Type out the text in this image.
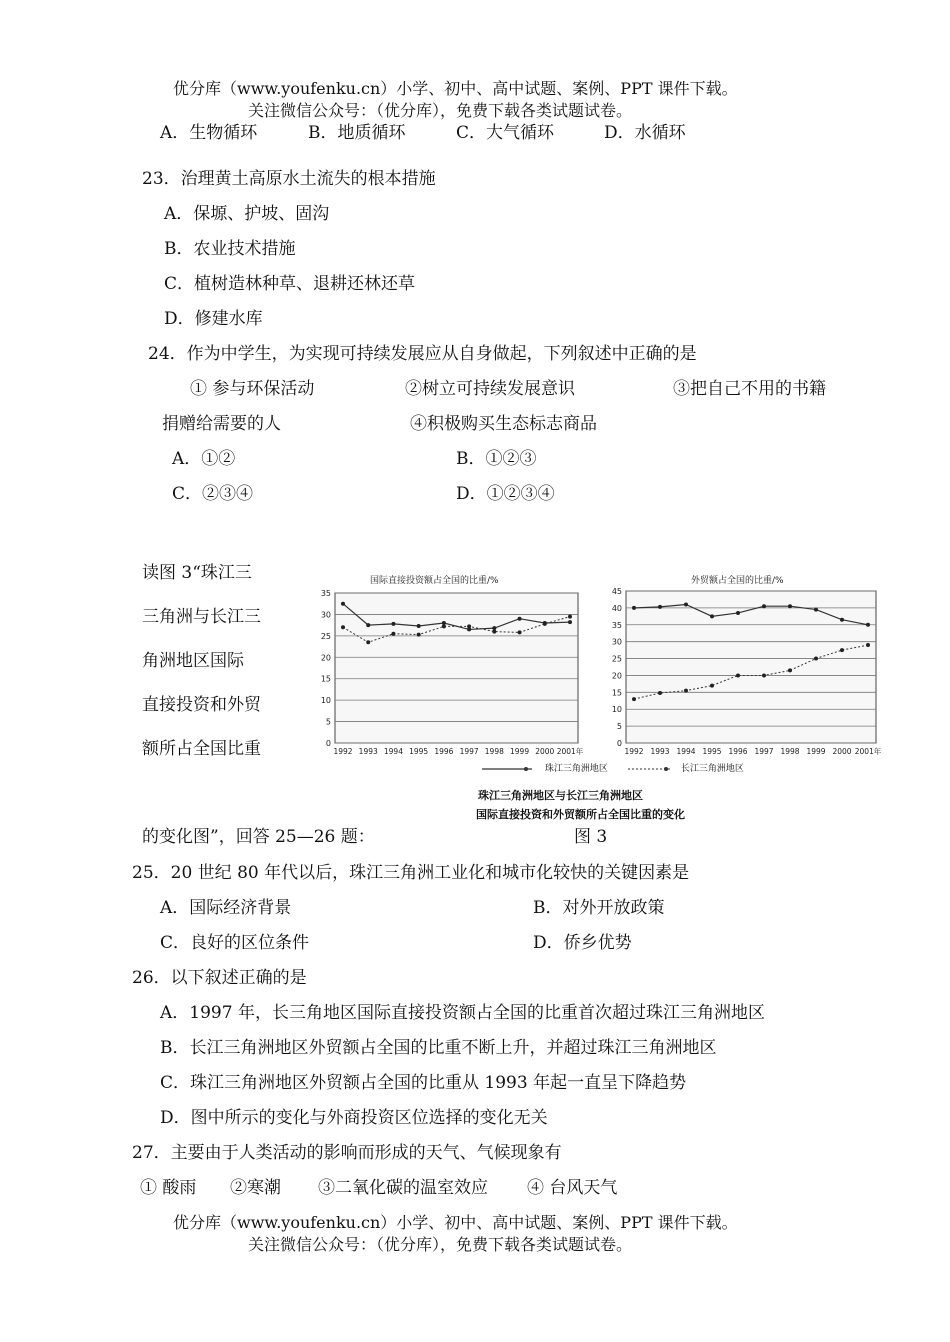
优分库（www.youfenku.cn）小学、初中、高中试题、案例、PPT 课件下载。
关注微信公众号：（优分库），免费下载各类试题试卷。
A．生物循环	B．地质循环	C．大气循环	D．水循环
23．治理黄土高原水土流失的根本措施
A．保塬、护坡、固沟
B．农业技术措施
C．植树造林种草、退耕还林还草
D．修建水库
24．作为中学生，为实现可持续发展应从自身做起，下列叙述中正确的是
① 参与环保活动	②树立可持续发展意识	③把自己不用的书籍
捐赠给需要的人	④积极购买生态标志商品
A．①②	B．①②③
C．②③④	D．①②③④
读图 3“珠江三
三角洲与长江三
角洲地区国际
直接投资和外贸
额所占全国比重
的变化图”，回答 25—26 题：	图 3
国际直接投资额占全国的比重/%
0
5
10
15
20
25
30
35
1992 1993 1994 1995 1996 1997 1998 1999 2000 2001年
外贸额占全国的比重/%
0
5
10
15
20
25
30
35
40
45
1992 1993 1994 1995 1996 1997 1998 1999 2000 2001年
珠江三角洲地区	长江三角洲地区
珠江三角洲地区与长江三角洲地区
国际直接投资和外贸额所占全国比重的变化
25．20 世纪 80 年代以后，珠江三角洲工业化和城市化较快的关键因素是
A．国际经济背景	B．对外开放政策
C．良好的区位条件	D．侨乡优势
26．以下叙述正确的是
A．1997 年，长三角地区国际直接投资额占全国的比重首次超过珠江三角洲地区
B．长江三角洲地区外贸额占全国的比重不断上升，并超过珠江三角洲地区
C．珠江三角洲地区外贸额占全国的比重从 1993 年起一直呈下降趋势
D．图中所示的变化与外商投资区位选择的变化无关
27．主要由于人类活动的影响而形成的天气、气候现象有
① 酸雨 ②寒潮 ③二氧化碳的温室效应 ④ 台风天气
优分库（www.youfenku.cn）小学、初中、高中试题、案例、PPT 课件下载。
关注微信公众号：（优分库），免费下载各类试题试卷。
